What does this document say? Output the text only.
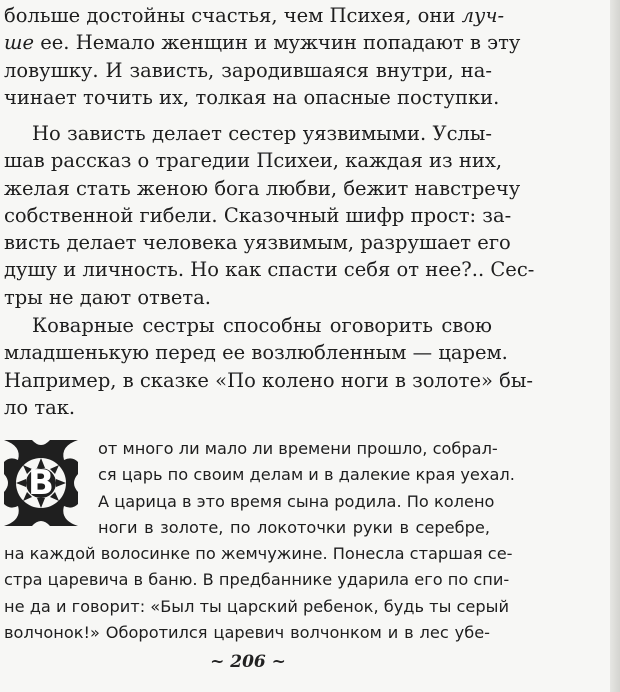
больше достойны счастья, чем Психея, они луч-
ше ее. Немало женщин и мужчин попадают в эту
ловушку. И зависть, зародившаяся внутри, на-
чинает точить их, толкая на опасные поступки.

Но зависть делает сестер уязвимыми. Услы-
шав рассказ о трагедии Психеи, каждая из них,
желая стать женою бога любви, бежит навстречу
собственной гибели. Сказочный шифр прост: за-
висть делает человека уязвимым, разрушает его
душу и личность. Но как спасти себя от нее?.. Сес-
тры не дают ответа.

Коварные сестры способны оговорить свою
младшенькую перед ее возлюбленным — царем.
Например, в сказке «По колено ноги в золоте» бы-
ло так.

В

от много ли мало ли времени прошло, собрал-
ся царь по своим делам и в далекие края уехал.
А царица в это время сына родила. По колено
ноги в золоте, по локоточки руки в серебре,

на каждой волосинке по жемчужине. Понесла старшая се-
стра царевича в баню. В предбаннике ударила его по спи-
не да и говорит: «Был ты царский ребенок, будь ты серый
волчонок!» Оборотился царевич волчонком и в лес убе-

~ 206 ~
